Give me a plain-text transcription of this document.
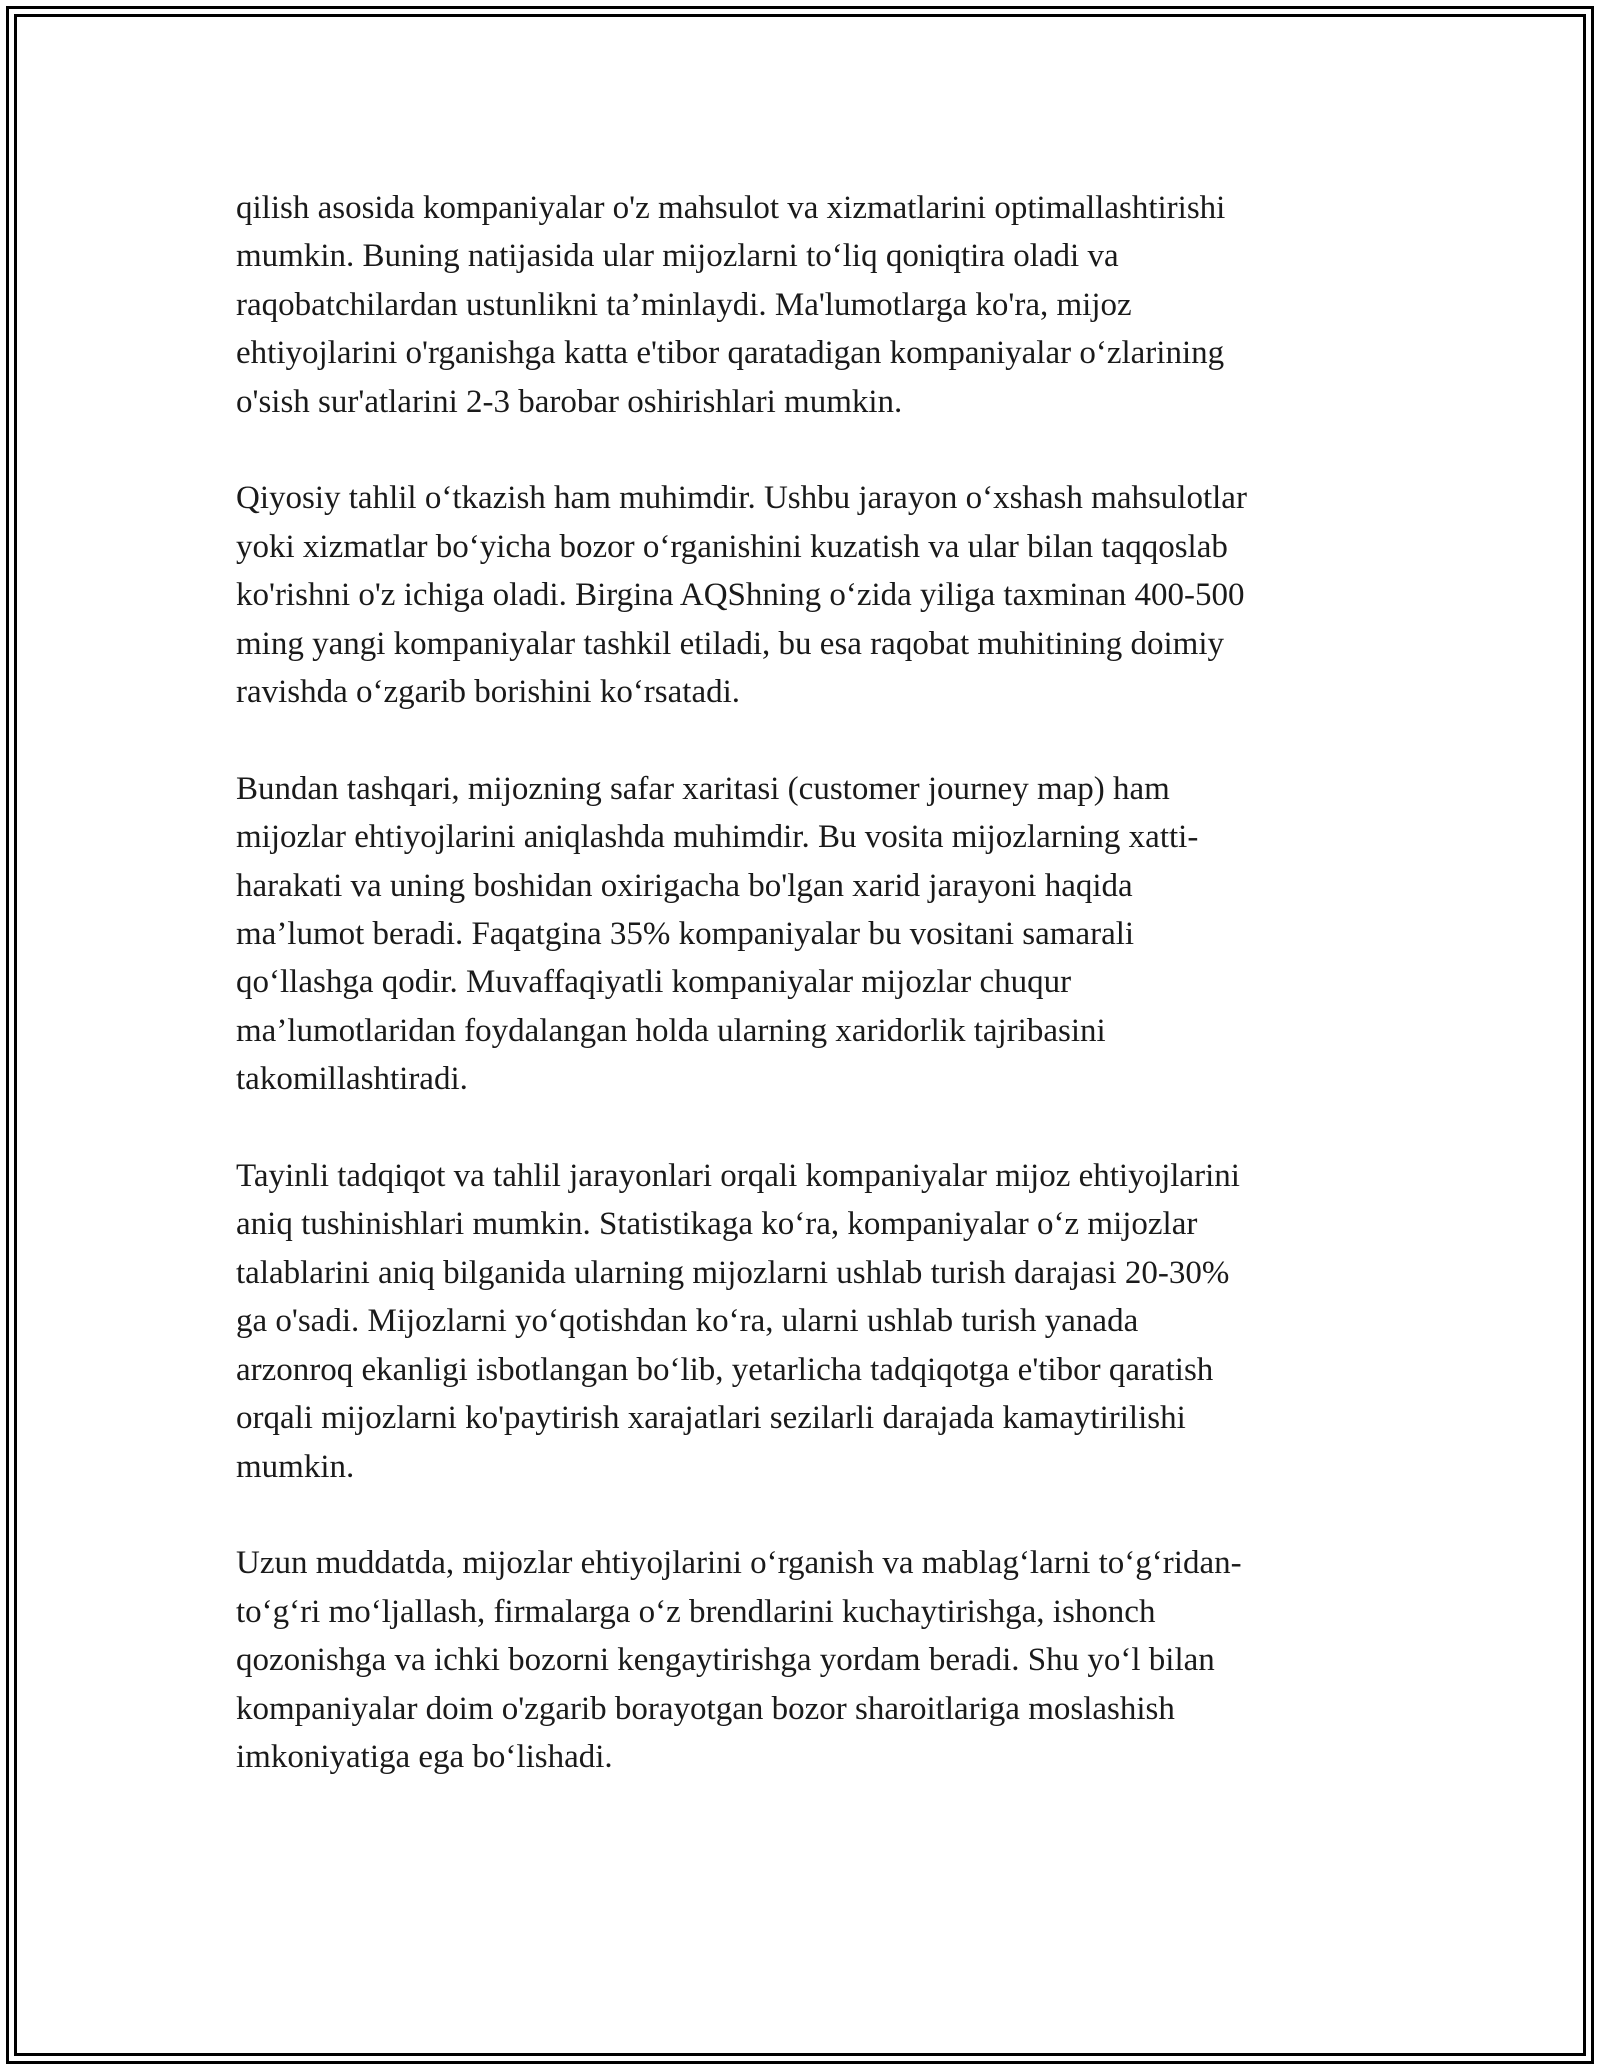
qilish asosida kompaniyalar o'z mahsulot va xizmatlarini optimallashtirishi
mumkin. Buning natijasida ular mijozlarni to‘liq qoniqtira oladi va
raqobatchilardan ustunlikni ta’minlaydi. Ma'lumotlarga ko'ra, mijoz
ehtiyojlarini o'rganishga katta e'tibor qaratadigan kompaniyalar o‘zlarining
o'sish sur'atlarini 2-3 barobar oshirishlari mumkin.

Qiyosiy tahlil o‘tkazish ham muhimdir. Ushbu jarayon o‘xshash mahsulotlar
yoki xizmatlar bo‘yicha bozor o‘rganishini kuzatish va ular bilan taqqoslab
ko'rishni o'z ichiga oladi. Birgina AQShning o‘zida yiliga taxminan 400-500
ming yangi kompaniyalar tashkil etiladi, bu esa raqobat muhitining doimiy
ravishda o‘zgarib borishini ko‘rsatadi.

Bundan tashqari, mijozning safar xaritasi (customer journey map) ham
mijozlar ehtiyojlarini aniqlashda muhimdir. Bu vosita mijozlarning xatti-
harakati va uning boshidan oxirigacha bo'lgan xarid jarayoni haqida
ma’lumot beradi. Faqatgina 35% kompaniyalar bu vositani samarali
qo‘llashga qodir. Muvaffaqiyatli kompaniyalar mijozlar chuqur
ma’lumotlaridan foydalangan holda ularning xaridorlik tajribasini
takomillashtiradi.

Tayinli tadqiqot va tahlil jarayonlari orqali kompaniyalar mijoz ehtiyojlarini
aniq tushinishlari mumkin. Statistikaga ko‘ra, kompaniyalar o‘z mijozlar
talablarini aniq bilganida ularning mijozlarni ushlab turish darajasi 20-30%
ga o'sadi. Mijozlarni yo‘qotishdan ko‘ra, ularni ushlab turish yanada
arzonroq ekanligi isbotlangan bo‘lib, yetarlicha tadqiqotga e'tibor qaratish
orqali mijozlarni ko'paytirish xarajatlari sezilarli darajada kamaytirilishi
mumkin.

Uzun muddatda, mijozlar ehtiyojlarini o‘rganish va mablag‘larni to‘g‘ridan-
to‘g‘ri mo‘ljallash, firmalarga o‘z brendlarini kuchaytirishga, ishonch
qozonishga va ichki bozorni kengaytirishga yordam beradi. Shu yo‘l bilan
kompaniyalar doim o'zgarib borayotgan bozor sharoitlariga moslashish
imkoniyatiga ega bo‘lishadi.
